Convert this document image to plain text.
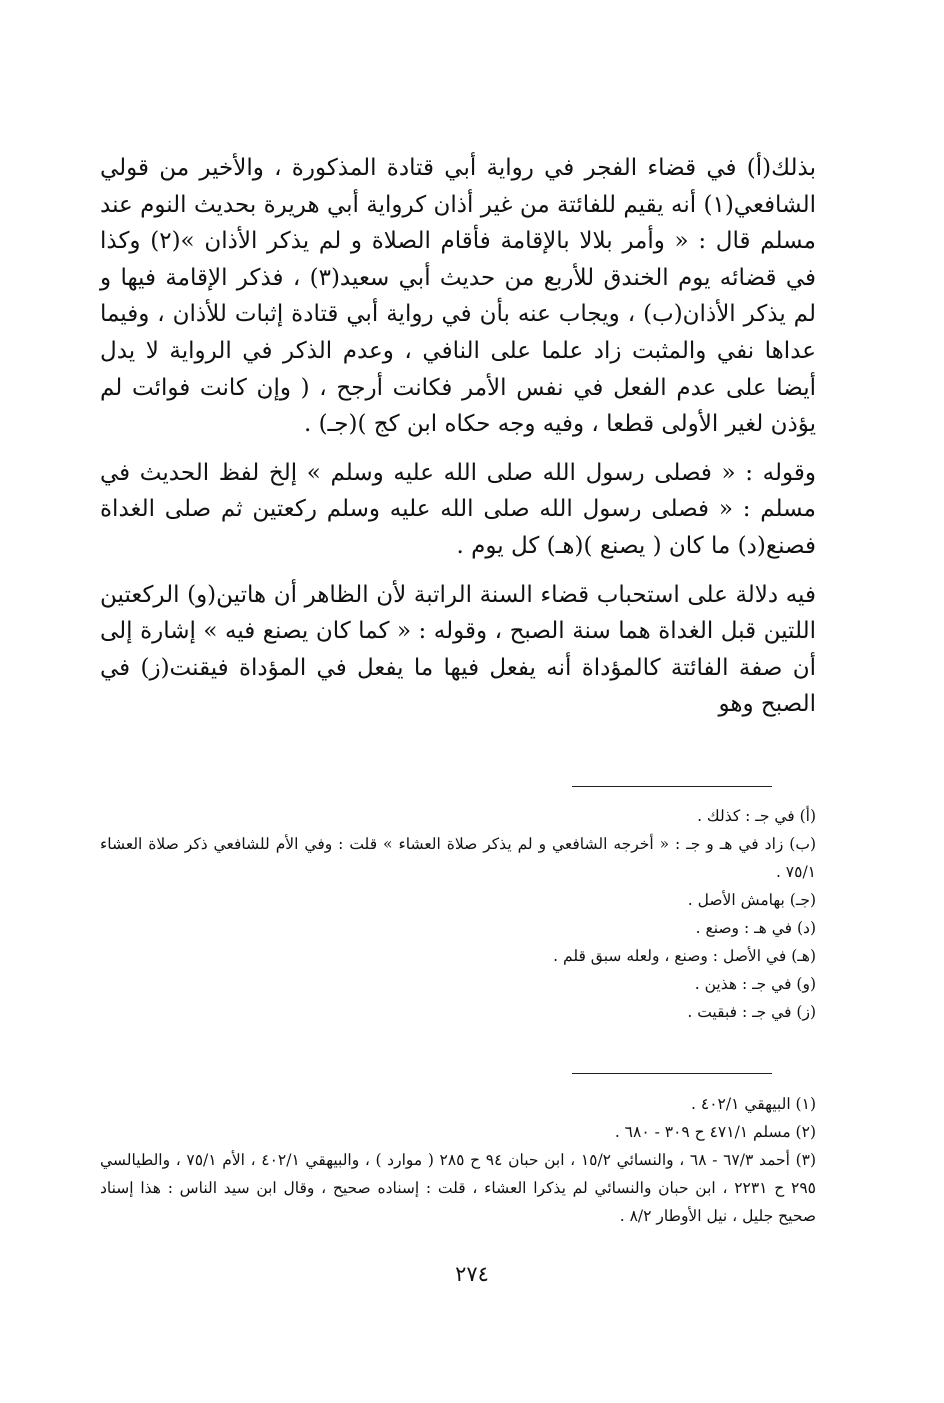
بذلك(أ) في قضاء الفجر في رواية أبي قتادة المذكورة ، والأخير من قولي الشافعي(١) أنه يقيم للفائتة من غير أذان كرواية أبي هريرة بحديث النوم عند مسلم قال : « وأمر بلالا بالإقامة فأقام الصلاة و لم يذكر الأذان »(٢) وكذا في قضائه يوم الخندق للأربع من حديث أبي سعيد(٣) ، فذكر الإقامة فيها و لم يذكر الأذان(ب) ، ويجاب عنه بأن في رواية أبي قتادة إثبات للأذان ، وفيما عداها نفي والمثبت زاد علما على النافي ، وعدم الذكر في الرواية لا يدل أيضا على عدم الفعل في نفس الأمر فكانت أرجح ، ( وإن كانت فوائت لم يؤذن لغير الأولى قطعا ، وفيه وجه حكاه ابن كج )(جـ) .

وقوله : « فصلى رسول الله صلى الله عليه وسلم » إلخ لفظ الحديث في مسلم : « فصلى رسول الله صلى الله عليه وسلم ركعتين ثم صلى الغداة فصنع(د) ما كان ( يصنع )(هـ) كل يوم .

فيه دلالة على استحباب قضاء السنة الراتبة لأن الظاهر أن هاتين(و) الركعتين اللتين قبل الغداة هما سنة الصبح ، وقوله : « كما كان يصنع فيه » إشارة إلى أن صفة الفائتة كالمؤداة أنه يفعل فيها ما يفعل في المؤداة فيقنت(ز) في الصبح وهو

(أ) في جـ : كذلك .
(ب) زاد في هـ و جـ : « أخرجه الشافعي و لم يذكر صلاة العشاء » قلت : وفي الأم للشافعي ذكر صلاة العشاء ٧٥/١ .
(جـ) بهامش الأصل .
(د) في هـ : وصنع .
(هـ) في الأصل : وصنع ، ولعله سبق قلم .
(و) في جـ : هذين .
(ز) في جـ : فبقيت .
(١) البيهقي ٤٠٢/١ .
(٢) مسلم ٤٧١/١ ح ٣٠٩ - ٦٨٠ .
(٣) أحمد ٦٧/٣ - ٦٨ ، والنسائي ١٥/٢ ، ابن حبان ٩٤ ح ٢٨٥ ( موارد ) ، والبيهقي ٤٠٢/١ ، الأم ٧٥/١ ، والطيالسي ٢٩٥ ح ٢٢٣١ ، ابن حبان والنسائي لم يذكرا العشاء ، قلت : إسناده صحيح ، وقال ابن سيد الناس : هذا إسناد صحيح جليل ، نيل الأوطار ٨/٢ .
٢٧٤
